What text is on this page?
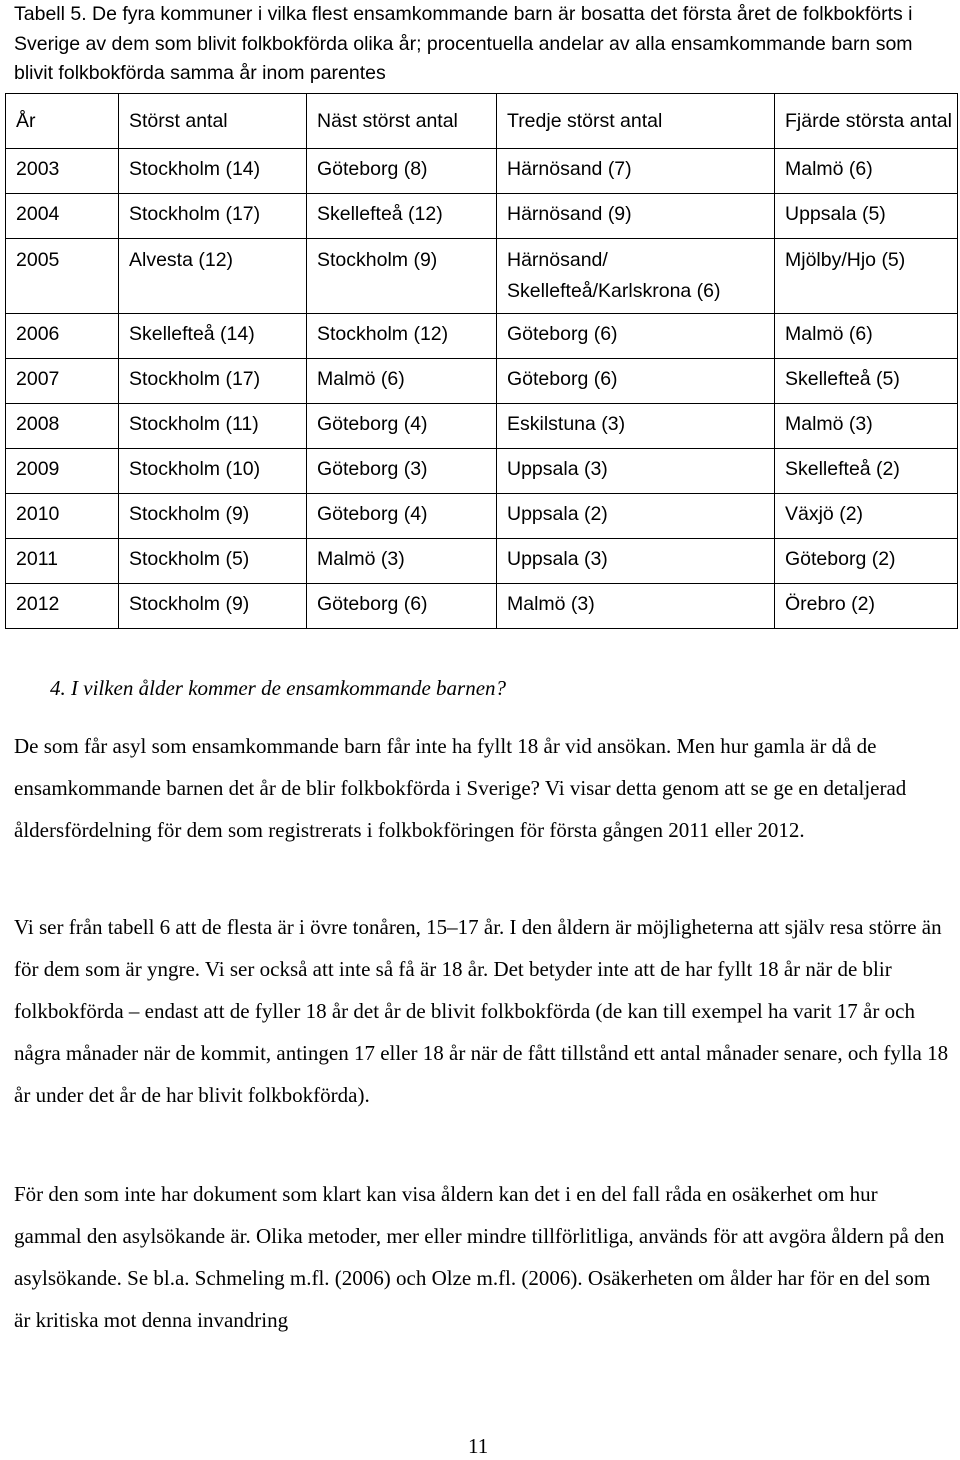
Tabell 5. De fyra kommuner i vilka flest ensamkommande barn är bosatta det första året de folkbokförts i Sverige av dem som blivit folkbokförda olika år; procentuella andelar av alla ensamkommande barn som blivit folkbokförda samma år inom parentes
År	Störst antal	Näst störst antal	Tredje störst antal	Fjärde största antal
2003	Stockholm (14)	Göteborg (8)	Härnösand (7)	Malmö (6)
2004	Stockholm (17)	Skellefteå (12)	Härnösand (9)	Uppsala (5)
2005	Alvesta (12)	Stockholm (9)	Härnösand/ Skellefteå/Karlskrona (6)	Mjölby/Hjo (5)
2006	Skellefteå (14)	Stockholm (12)	Göteborg (6)	Malmö (6)
2007	Stockholm (17)	Malmö (6)	Göteborg (6)	Skellefteå (5)
2008	Stockholm (11)	Göteborg (4)	Eskilstuna (3)	Malmö (3)
2009	Stockholm (10)	Göteborg (3)	Uppsala (3)	Skellefteå (2)
2010	Stockholm (9)	Göteborg (4)	Uppsala (2)	Växjö (2)
2011	Stockholm (5)	Malmö (3)	Uppsala (3)	Göteborg (2)
2012	Stockholm (9)	Göteborg (6)	Malmö (3)	Örebro (2)
4. I vilken ålder kommer de ensamkommande barnen?

De som får asyl som ensamkommande barn får inte ha fyllt 18 år vid ansökan. Men hur gamla är då de ensamkommande barnen det år de blir folkbokförda i Sverige? Vi visar detta genom att se ge en detaljerad åldersfördelning för dem som registrerats i folkbokföringen för första gången 2011 eller 2012.

Vi ser från tabell 6 att de flesta är i övre tonåren, 15–17 år. I den åldern är möjligheterna att själv resa större än för dem som är yngre. Vi ser också att inte så få är 18 år. Det betyder inte att de har fyllt 18 år när de blir folkbokförda – endast att de fyller 18 år det år de blivit folkbokförda (de kan till exempel ha varit 17 år och några månader när de kommit, antingen 17 eller 18 år när de fått tillstånd ett antal månader senare, och fylla 18 år under det år de har blivit folkbokförda).

För den som inte har dokument som klart kan visa åldern kan det i en del fall råda en osäkerhet om hur gammal den asylsökande är. Olika metoder, mer eller mindre tillförlitliga, används för att avgöra åldern på den asylsökande. Se bl.a. Schmeling m.fl. (2006) och Olze m.fl. (2006). Osäkerheten om ålder har för en del som är kritiska mot denna invandring

11
